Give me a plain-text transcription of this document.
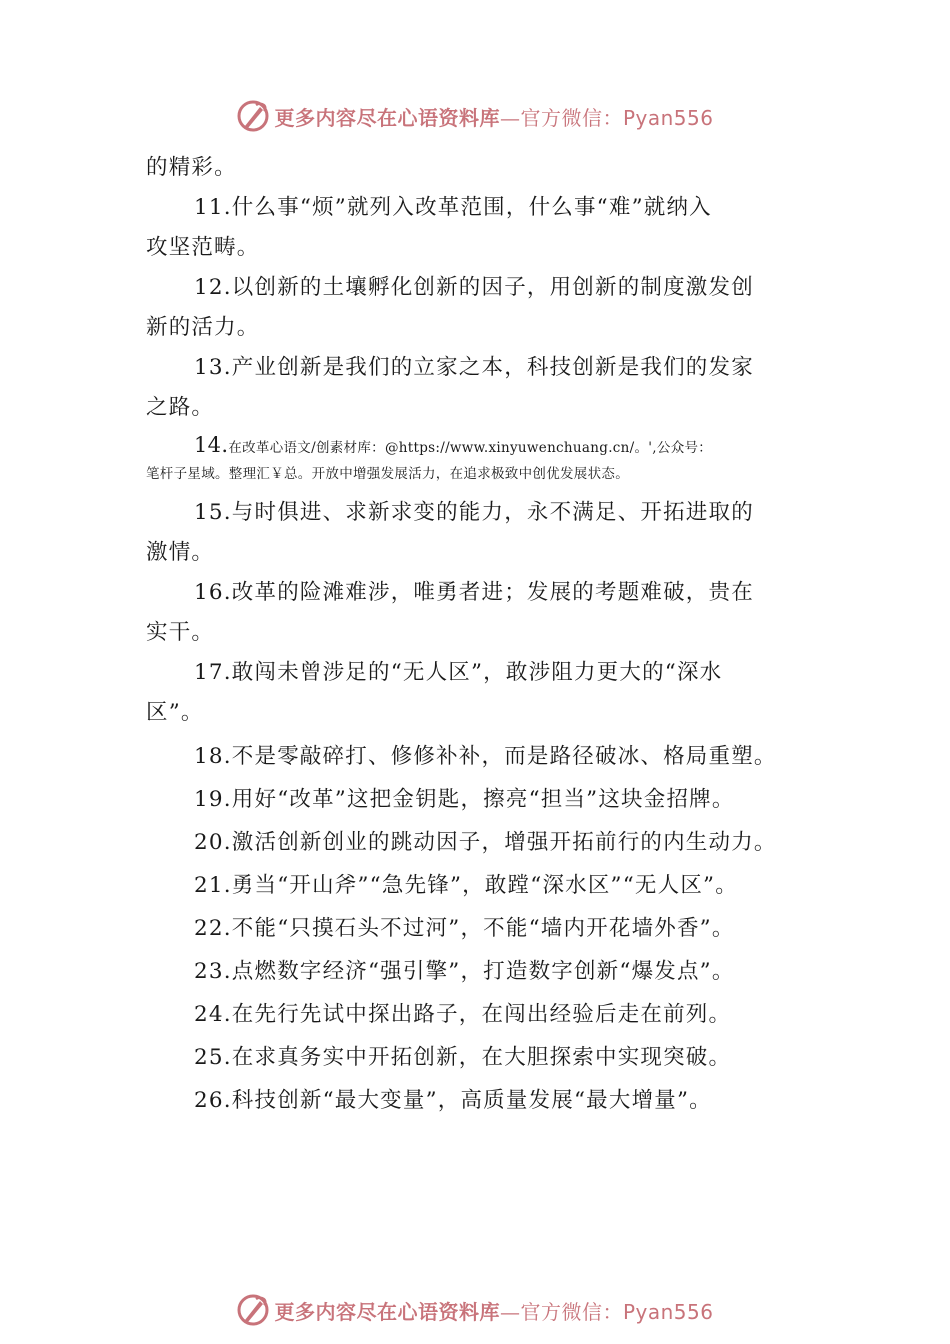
更多内容尽在心语资料库—官方微信：Pyan556
的精彩。
11.什么事“烦”就列入改革范围，什么事“难”就纳入
攻坚范畴。
12.以创新的土壤孵化创新的因子，用创新的制度激发创
新的活力。
13.产业创新是我们的立家之本，科技创新是我们的发家
之路。
14.在改革心语文/创素材库：@https://www.xinyuwenchuang.cn/。',公众号：
笔杆子星域。整理汇￥总。开放中增强发展活力，在追求极致中创优发展状态。
15.与时俱进、求新求变的能力，永不满足、开拓进取的
激情。
16.改革的险滩难涉，唯勇者进；发展的考题难破，贵在
实干。
17.敢闯未曾涉足的“无人区”，敢涉阻力更大的“深水
区”。
18.不是零敲碎打、修修补补，而是路径破冰、格局重塑。
19.用好“改革”这把金钥匙，擦亮“担当”这块金招牌。
20.激活创新创业的跳动因子，增强开拓前行的内生动力。
21.勇当“开山斧”“急先锋”，敢蹚“深水区”“无人区”。
22.不能“只摸石头不过河”，不能“墙内开花墙外香”。
23.点燃数字经济“强引擎”，打造数字创新“爆发点”。
24.在先行先试中探出路子，在闯出经验后走在前列。
25.在求真务实中开拓创新，在大胆探索中实现突破。
26.科技创新“最大变量”，高质量发展“最大增量”。
更多内容尽在心语资料库—官方微信：Pyan556
